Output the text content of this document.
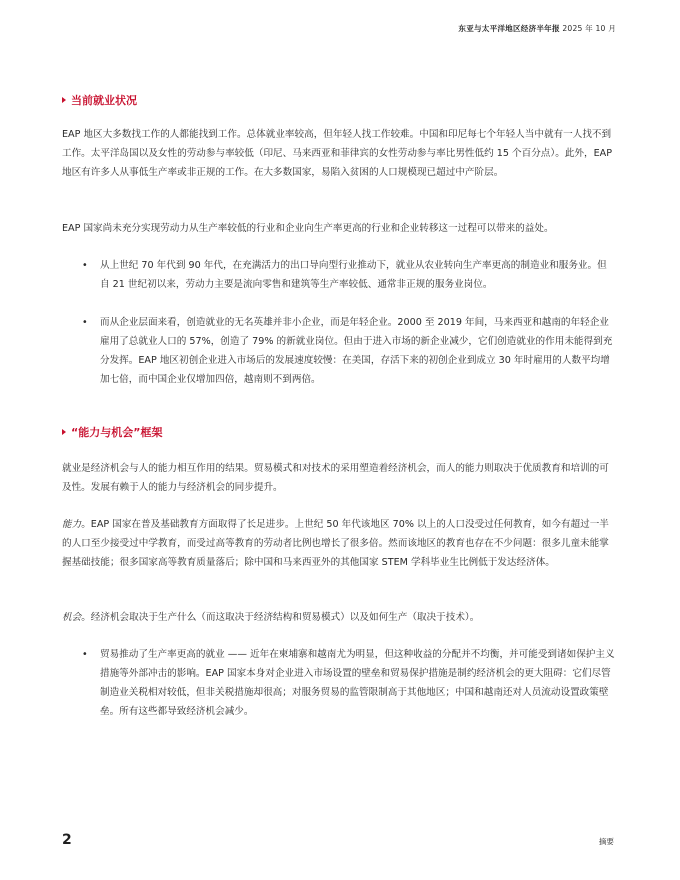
东亚与太平洋地区经济半年报 2025 年 10 月
当前就业状况

EAP 地区大多数找工作的人都能找到工作。总体就业率较高，但年轻人找工作较难。中国和印尼每七个年轻人当中就有一人找不到工作。太平洋岛国以及女性的劳动参与率较低（印尼、马来西亚和菲律宾的女性劳动参与率比男性低约 15 个百分点）。此外，EAP 地区有许多人从事低生产率或非正规的工作。在大多数国家，易陷入贫困的人口规模现已超过中产阶层。

EAP 国家尚未充分实现劳动力从生产率较低的行业和企业向生产率更高的行业和企业转移这一过程可以带来的益处。

• 从上世纪 70 年代到 90 年代，在充满活力的出口导向型行业推动下，就业从农业转向生产率更高的制造业和服务业。但自 21 世纪初以来，劳动力主要是流向零售和建筑等生产率较低、通常非正规的服务业岗位。
• 而从企业层面来看，创造就业的无名英雄并非小企业，而是年轻企业。2000 至 2019 年间，马来西亚和越南的年轻企业雇用了总就业人口的 57%，创造了 79% 的新就业岗位。但由于进入市场的新企业减少，它们创造就业的作用未能得到充分发挥。EAP 地区初创企业进入市场后的发展速度较慢：在美国，存活下来的初创企业到成立 30 年时雇用的人数平均增加七倍，而中国企业仅增加四倍，越南则不到两倍。
“能力与机会”框架

就业是经济机会与人的能力相互作用的结果。贸易模式和对技术的采用塑造着经济机会，而人的能力则取决于优质教育和培训的可及性。发展有赖于人的能力与经济机会的同步提升。

能力。EAP 国家在普及基础教育方面取得了长足进步。上世纪 50 年代该地区 70% 以上的人口没受过任何教育，如今有超过一半的人口至少接受过中学教育，而受过高等教育的劳动者比例也增长了很多倍。然而该地区的教育也存在不少问题：很多儿童未能掌握基础技能；很多国家高等教育质量落后；除中国和马来西亚外的其他国家 STEM 学科毕业生比例低于发达经济体。

机会。经济机会取决于生产什么（而这取决于经济结构和贸易模式）以及如何生产（取决于技术）。

• 贸易推动了生产率更高的就业 —— 近年在柬埔寨和越南尤为明显，但这种收益的分配并不均衡，并可能受到诸如保护主义措施等外部冲击的影响。EAP 国家本身对企业进入市场设置的壁垒和贸易保护措施是制约经济机会的更大阻碍：它们尽管制造业关税相对较低，但非关税措施却很高；对服务贸易的监管限制高于其他地区；中国和越南还对人员流动设置政策壁垒。所有这些都导致经济机会减少。
2	摘要
